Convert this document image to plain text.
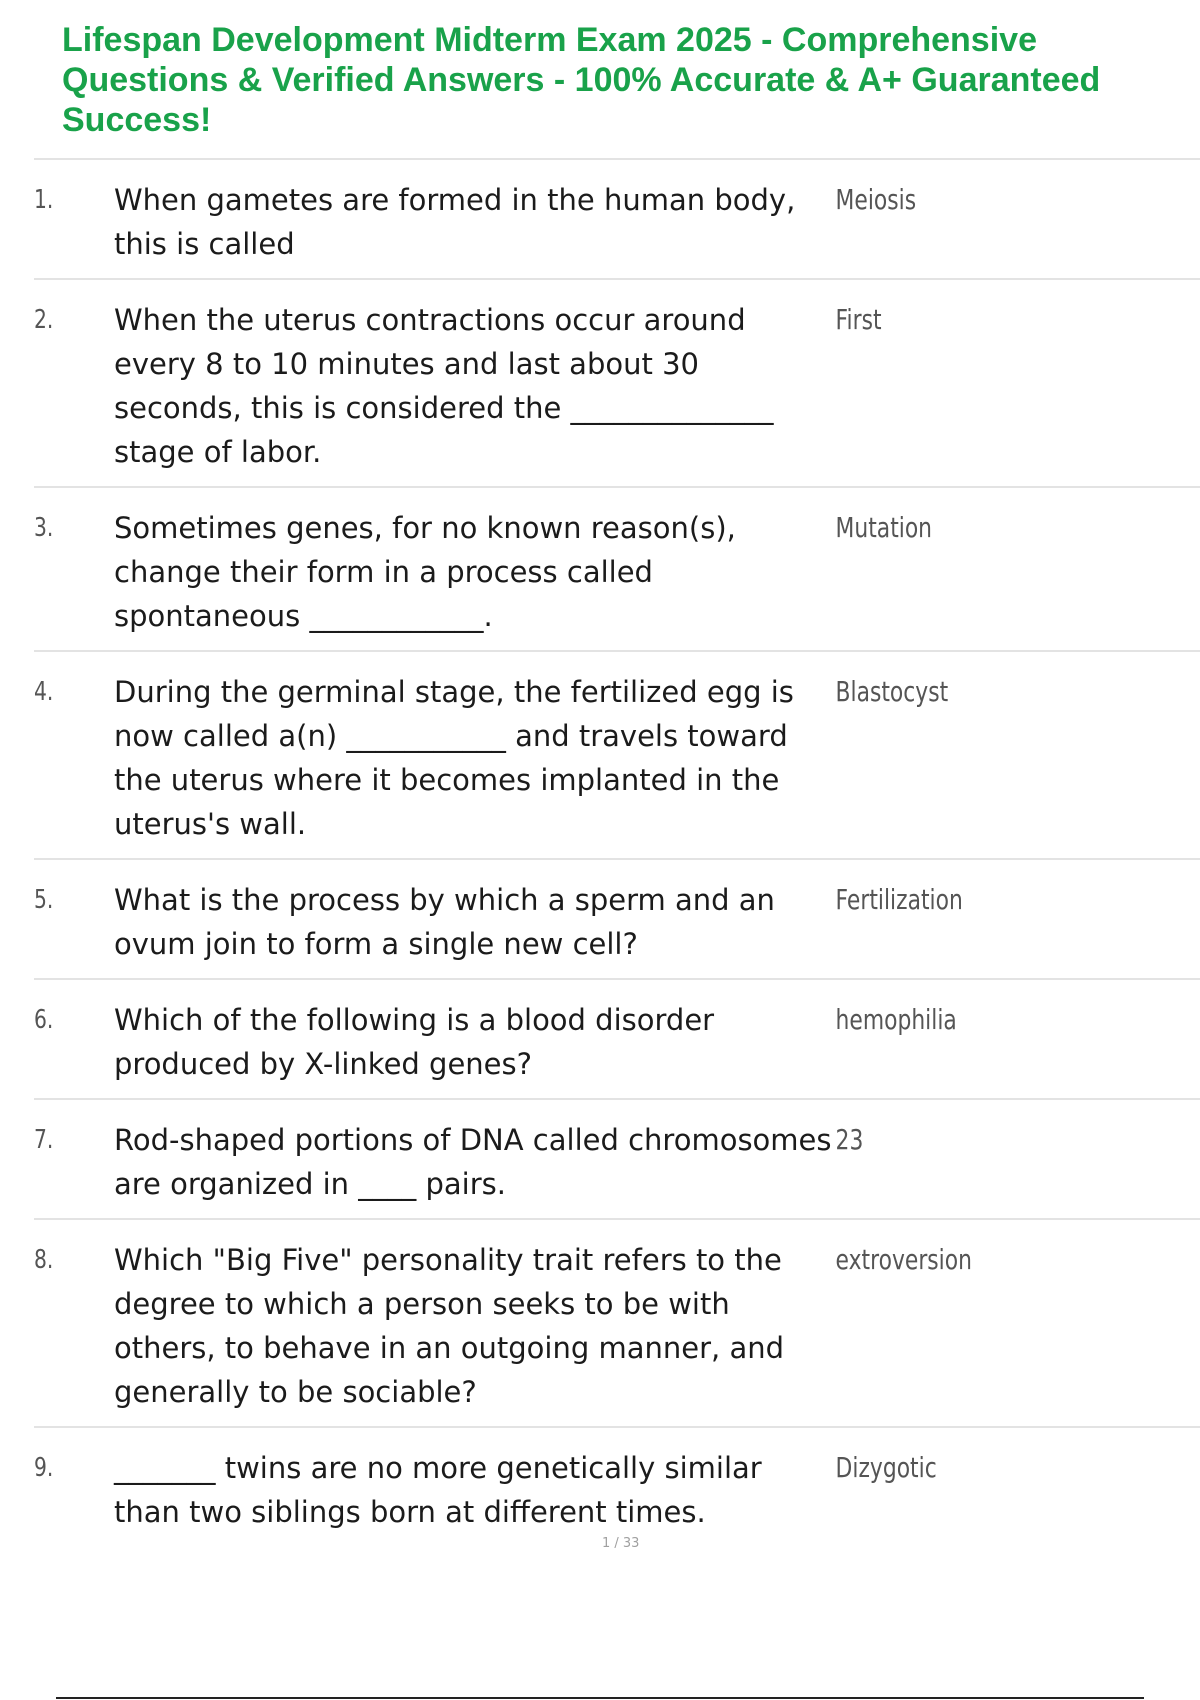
Lifespan Development Midterm Exam 2025 - Comprehensive Questions & Verified Answers - 100% Accurate & A+ Guaranteed Success!
1.	When gametes are formed in the human body, this is called
Meiosis
2.	When the uterus contractions occur around every 8 to 10 minutes and last about 30 seconds, this is considered the ______________ stage of labor.
First
3.	Sometimes genes, for no known reason(s), change their form in a process called spontaneous ____________.
Mutation
4.	During the germinal stage, the fertilized egg is now called a(n) ___________ and travels toward the uterus where it becomes implanted in the uterus's wall.
Blastocyst
5.	What is the process by which a sperm and an ovum join to form a single new cell?
Fertilization
6.	Which of the following is a blood disorder produced by X-linked genes?
hemophilia
7.	Rod-shaped portions of DNA called chromosomes are organized in ____ pairs.
23
8.	Which "Big Five" personality trait refers to the degree to which a person seeks to be with others, to behave in an outgoing manner, and generally to be sociable?
extroversion
9.	_______ twins are no more genetically similar than two siblings born at different times.
Dizygotic
1 / 33
